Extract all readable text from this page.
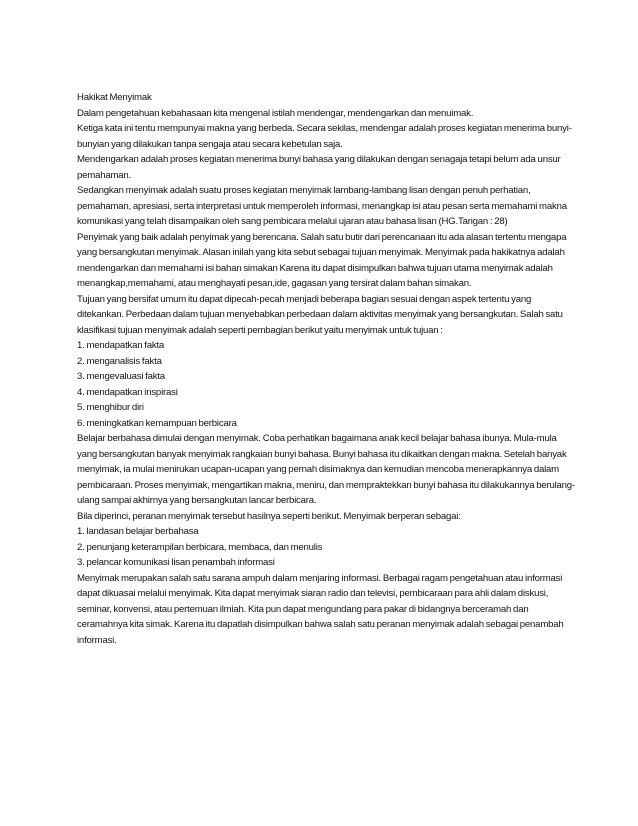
Hakikat Menyimak

Dalam pengetahuan kebahasaan kita mengenal istilah mendengar, mendengarkan dan menuimak.

Ketiga kata ini tentu mempunyai makna yang berbeda. Secara sekilas, mendengar adalah proses kegiatan menerima bunyi-bunyian yang dilakukan tanpa sengaja atau secara kebetulan saja.

Mendengarkan adalah proses kegiatan menerima bunyi bahasa yang dilakukan dengan senagaja tetapi belum ada unsur pemahaman.

Sedangkan menyimak adalah suatu proses kegiatan menyimak lambang-lambang lisan dengan penuh perhatian, pemahaman, apresiasi, serta interpretasi untuk memperoleh informasi, menangkap isi atau pesan serta memahami makna komunikasi yang telah disampaikan oleh sang pembicara melalui ujaran atau bahasa lisan (HG.Tarigan : 28)

Penyimak yang baik adalah penyimak yang berencana. Salah satu butir dari perencanaan itu ada alasan tertentu mengapa yang bersangkutan menyimak. Alasan inilah yang kita sebut sebagai tujuan menyimak. Menyimak pada hakikatnya adalah mendengarkan dan memahami isi bahan simakan Karena itu dapat disimpulkan bahwa tujuan utama menyimak adalah menangkap,memahami, atau menghayati pesan,ide, gagasan yang tersirat dalam bahan simakan.

Tujuan yang bersifat umum itu dapat dipecah-pecah menjadi beberapa bagian sesuai dengan aspek tertentu yang ditekankan. Perbedaan dalam tujuan menyebabkan perbedaan dalam aktivitas menyimak yang bersangkutan. Salah satu klasifikasi tujuan menyimak adalah seperti pembagian berikut yaitu menyimak untuk tujuan :

1. mendapatkan fakta

2. menganalisis fakta

3. mengevaluasi fakta

4. mendapatkan inspirasi

5. menghibur diri

6. meningkatkan kemampuan berbicara

Belajar berbahasa dimulai dengan menyimak. Coba perhatikan bagaimana anak kecil belajar bahasa ibunya. Mula-mula yang bersangkutan banyak menyimak rangkaian bunyi bahasa. Bunyi bahasa itu dikaitkan dengan makna. Setelah banyak menyimak, ia mulai menirukan ucapan-ucapan yang pernah disimaknya dan kemudian mencoba menerapkannya dalam pembicaraan. Proses menyimak, mengartikan makna, meniru, dan mempraktekkan bunyi bahasa itu dilakukannya berulang-ulang sampai akhirnya yang bersangkutan lancar berbicara.

Bila diperinci, peranan menyimak tersebut hasilnya seperti berikut. Menyimak berperan sebagai:

1. landasan belajar berbahasa

2. penunjang keterampilan berbicara, membaca, dan menulis

3. pelancar komunikasi lisan penambah informasi

Menyimak merupakan salah satu sarana ampuh dalam menjaring informasi. Berbagai ragam pengetahuan atau informasi dapat dikuasai melalui menyimak. Kita dapat menyimak siaran radio dan televisi, pembicaraan para ahli dalam diskusi, seminar, konvensi, atau pertemuan ilmiah. Kita pun dapat mengundang para pakar di bidangnya berceramah dan ceramahnya kita simak. Karena itu dapatlah disimpulkan bahwa salah satu peranan menyimak adalah sebagai penambah informasi.
